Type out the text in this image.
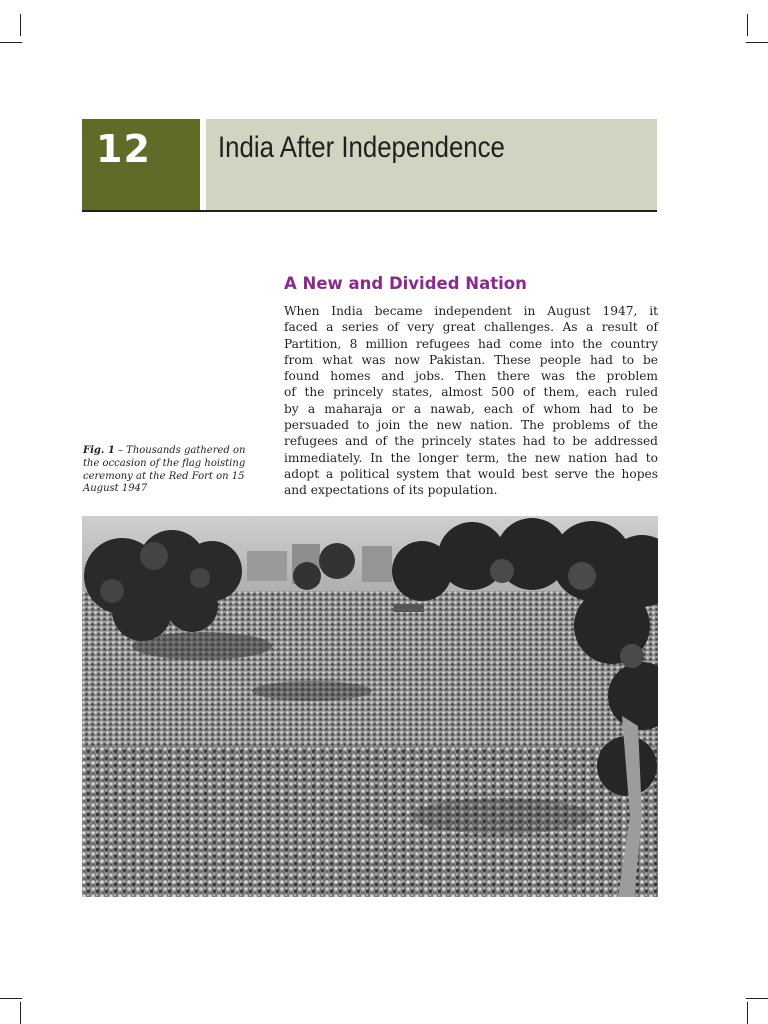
12 India After Independence
A New and Divided Nation
When India became independent in August 1947, it
faced a series of very great challenges. As a result of
Partition, 8 million refugees had come into the country
from what was now Pakistan. These people had to be
found homes and jobs. Then there was the problem
of the princely states, almost 500 of them, each ruled
by a maharaja or a nawab, each of whom had to be
persuaded to join the new nation. The problems of the
refugees and of the princely states had to be addressed
immediately. In the longer term, the new nation had to
adopt a political system that would best serve the hopes
and expectations of its population.
Fig. 1 – Thousands gathered on the occasion of the flag hoisting ceremony at the Red Fort on 15 August 1947
